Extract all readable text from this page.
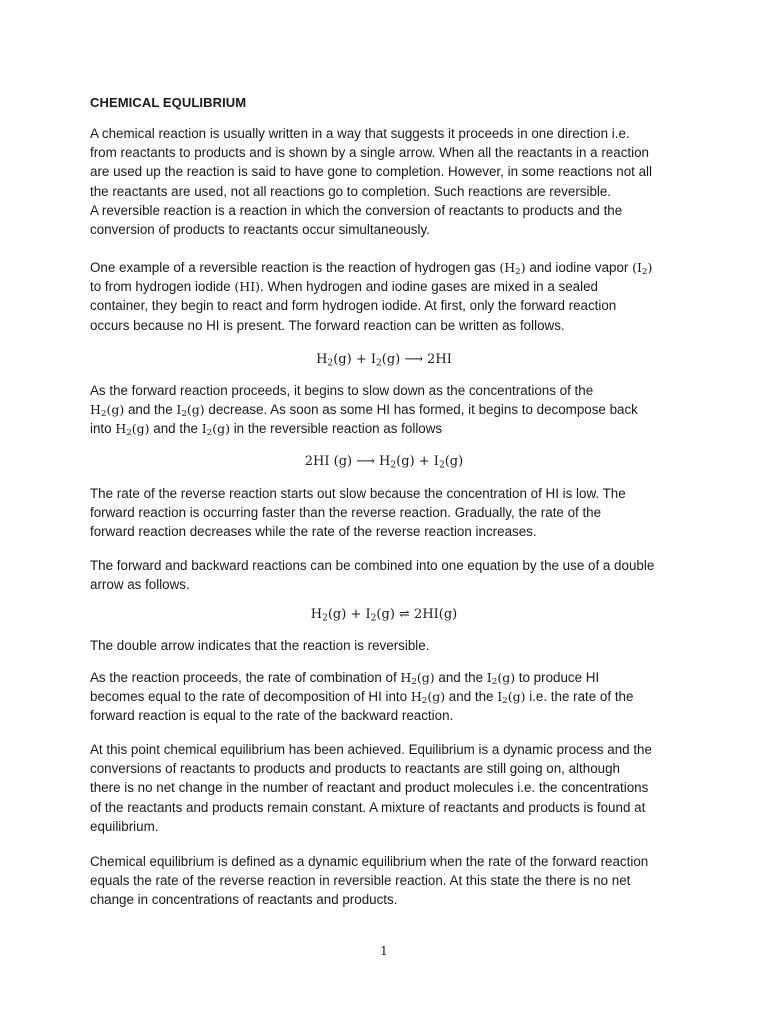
CHEMICAL EQULIBRIUM
A chemical reaction is usually written in a way that suggests it proceeds in one direction i.e.
from reactants to products and is shown by a single arrow. When all the reactants in a reaction
are used up the reaction is said to have gone to completion. However, in some reactions not all
the reactants are used, not all reactions go to completion. Such reactions are reversible.
A reversible reaction is a reaction in which the conversion of reactants to products and the
conversion of products to reactants occur simultaneously.
One example of a reversible reaction is the reaction of hydrogen gas $(H_2)$ and iodine vapor $(I_2)$
to from hydrogen iodide (HI). When hydrogen and iodine gases are mixed in a sealed
container, they begin to react and form hydrogen iodide. At first, only the forward reaction
occurs because no HI is present. The forward reaction can be written as follows.
$H_2(g) + I_2(g)$ ⟶ 2HI
As the forward reaction proceeds, it begins to slow down as the concentrations of the
$H_2(g)$ and the $I_2(g)$ decrease. As soon as some HI has formed, it begins to decompose back
into $H_2(g)$ and the $I_2(g)$ in the reversible reaction as follows
2HI (g) ⟶ $H_2(g) + I_2(g)$
The rate of the reverse reaction starts out slow because the concentration of HI is low. The
forward reaction is occurring faster than the reverse reaction. Gradually, the rate of the
forward reaction decreases while the rate of the reverse reaction increases.
The forward and backward reactions can be combined into one equation by the use of a double
arrow as follows.
$H_2(g) + I_2(g)$ ⇌ 2HI(g)
The double arrow indicates that the reaction is reversible.
As the reaction proceeds, the rate of combination of $H_2(g)$ and the $I_2(g)$ to produce HI
becomes equal to the rate of decomposition of HI into $H_2(g)$ and the $I_2(g)$ i.e. the rate of the
forward reaction is equal to the rate of the backward reaction.
At this point chemical equilibrium has been achieved. Equilibrium is a dynamic process and the
conversions of reactants to products and products to reactants are still going on, although
there is no net change in the number of reactant and product molecules i.e. the concentrations
of the reactants and products remain constant. A mixture of reactants and products is found at
equilibrium.
Chemical equilibrium is defined as a dynamic equilibrium when the rate of the forward reaction
equals the rate of the reverse reaction in reversible reaction. At this state the there is no net
change in concentrations of reactants and products.
1
